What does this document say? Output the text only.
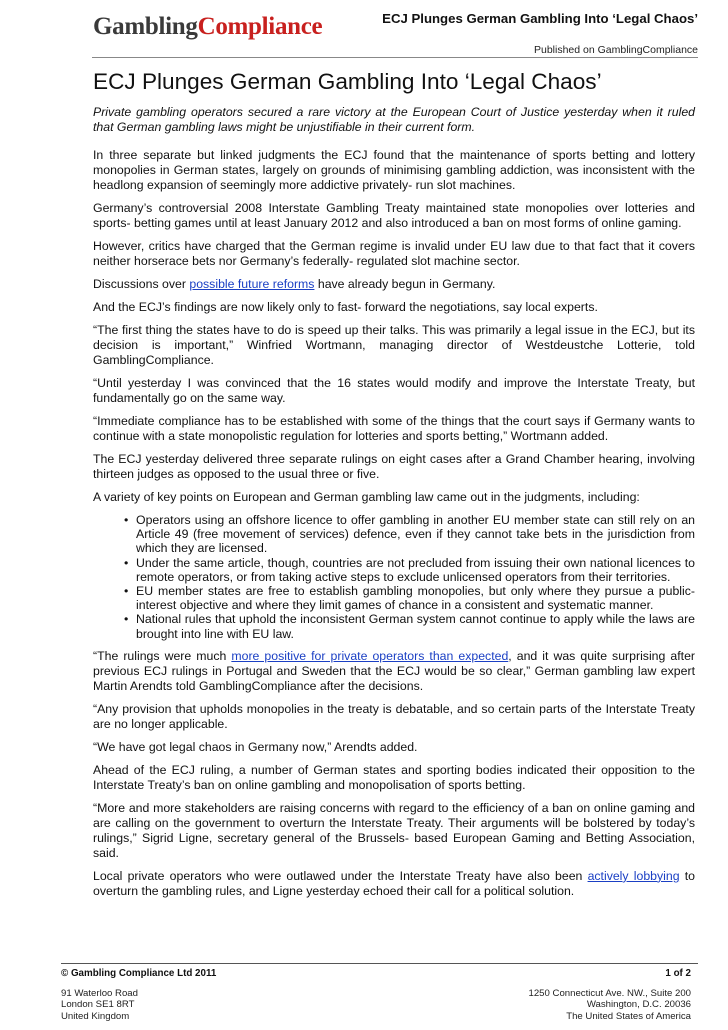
GamblingCompliance	ECJ Plunges German Gambling Into ‘Legal Chaos’
Published on GamblingCompliance
ECJ Plunges German Gambling Into ‘Legal Chaos’

Private gambling operators secured a rare victory at the European Court of Justice yesterday when it ruled that German gambling laws might be unjustifiable in their current form.

In three separate but linked judgments the ECJ found that the maintenance of sports betting and lottery monopolies in German states, largely on grounds of minimising gambling addiction, was inconsistent with the headlong expansion of seemingly more addictive privately- run slot machines.

Germany’s controversial 2008 Interstate Gambling Treaty maintained state monopolies over lotteries and sports- betting games until at least January 2012 and also introduced a ban on most forms of online gaming.

However, critics have charged that the German regime is invalid under EU law due to that fact that it covers neither horserace bets nor Germany’s federally- regulated slot machine sector.

Discussions over possible future reforms have already begun in Germany.

And the ECJ’s findings are now likely only to fast- forward the negotiations, say local experts.

“The first thing the states have to do is speed up their talks. This was primarily a legal issue in the ECJ, but its decision is important,” Winfried Wortmann, managing director of Westdeustche Lotterie, told GamblingCompliance.

“Until yesterday I was convinced that the 16 states would modify and improve the Interstate Treaty, but fundamentally go on the same way.

“Immediate compliance has to be established with some of the things that the court says if Germany wants to continue with a state monopolistic regulation for lotteries and sports betting,” Wortmann added.

The ECJ yesterday delivered three separate rulings on eight cases after a Grand Chamber hearing, involving thirteen judges as opposed to the usual three or five.

A variety of key points on European and German gambling law came out in the judgments, including:

• Operators using an offshore licence to offer gambling in another EU member state can still rely on an Article 49 (free movement of services) defence, even if they cannot take bets in the jurisdiction from which they are licensed.
• Under the same article, though, countries are not precluded from issuing their own national licences to remote operators, or from taking active steps to exclude unlicensed operators from their territories.
• EU member states are free to establish gambling monopolies, but only where they pursue a public- interest objective and where they limit games of chance in a consistent and systematic manner.
• National rules that uphold the inconsistent German system cannot continue to apply while the laws are brought into line with EU law.

“The rulings were much more positive for private operators than expected, and it was quite surprising after previous ECJ rulings in Portugal and Sweden that the ECJ would be so clear,” German gambling law expert Martin Arendts told GamblingCompliance after the decisions.

“Any provision that upholds monopolies in the treaty is debatable, and so certain parts of the Interstate Treaty are no longer applicable.

“We have got legal chaos in Germany now,” Arendts added.

Ahead of the ECJ ruling, a number of German states and sporting bodies indicated their opposition to the Interstate Treaty’s ban on online gambling and monopolisation of sports betting.

“More and more stakeholders are raising concerns with regard to the efficiency of a ban on online gaming and are calling on the government to overturn the Interstate Treaty. Their arguments will be bolstered by today’s rulings,” Sigrid Ligne, secretary general of the Brussels- based European Gaming and Betting Association, said.

Local private operators who were outlawed under the Interstate Treaty have also been actively lobbying to overturn the gambling rules, and Ligne yesterday echoed their call for a political solution.

© Gambling Compliance Ltd 2011	1 of 2
91 Waterloo Road
London SE1 8RT
United Kingdom
1250 Connecticut Ave. NW., Suite 200
Washington, D.C. 20036
The United States of America
